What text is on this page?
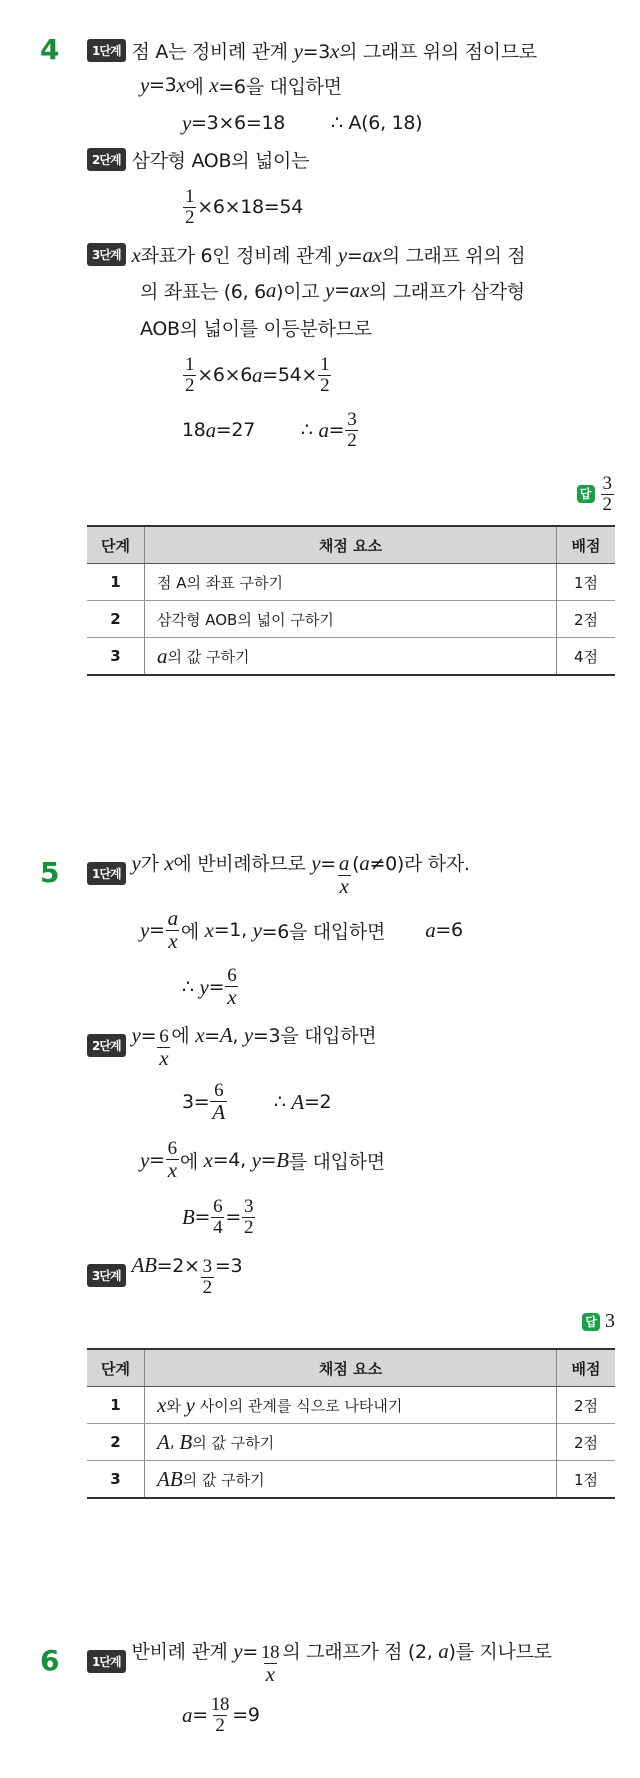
4	1단계 점 A는 정비례 관계 y=3x의 그래프 위의 점이므로
y =3 x 에 x =6을 대입하면
y =3×6=18        ∴ A(6, 18)
2단계 삼각형 AOB의 넓이는
$\frac{1}{2} \times 6\times 18=54$
3단계 x좌표가 6인 정비례 관계 y=ax의 그래프 위의 점
의 좌표는 (6, 6 a )이고 y = ax 의 그래프가 삼각형
AOB의 넓이를 이등분하므로
$\frac{1}{2} \times 6\times 6$ $a =54\times \frac{1}{2}$
18 a =27        ∴ $a = \frac{3}{2}$
답 $\frac{3}{2}$
단계	채점 요소	배점

1	점 A의 좌표 구하기	1점

2	삼각형 AOB의 넓이 구하기	2점

3	a 의 값 구하기	4점
5	1단계 y가 x에 반비례하므로 $y= \frac{a}{x} (a\ne 0)$라 하자.
$y = \frac{a}{x}$ 에 x =1, y =6을 대입하면 a =6
∴ $y = \frac{6}{x}$
2단계 $y= \frac{6}{x}$ 에 x=A, y=3을 대입하면
$3= \frac{6}{A}$ ∴ A =2
$y = \frac{6}{x}$ 에 x =4, y = B 를 대입하면
$B = \frac{6}{4} = \frac{3}{2}$
3단계 $AB=2\times \frac{3}{2} =3$
답 3
단계	채점 요소	배점

1	x 와 y 사이의 관계를 식으로 나타내기	2점

2	A , B 의 값 구하기	2점

3	AB 의 값 구하기	1점
6	1단계 반비례 관계 $y= \frac{18}{x}$ 의 그래프가 점 (2, a)를 지나므로
$a = \frac{18}{2} =9$
